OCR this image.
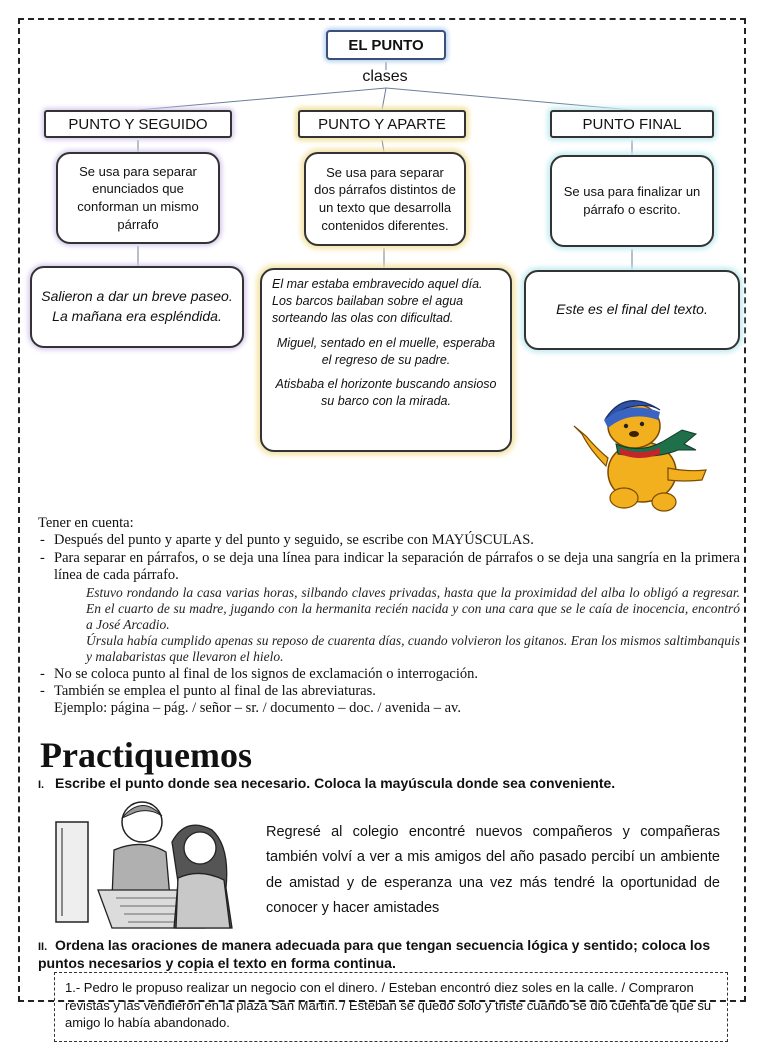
EL PUNTO
clases
PUNTO Y SEGUIDO	PUNTO Y APARTE	PUNTO FINAL
Se usa para separar enunciados que conforman un mismo párrafo
Se usa para separar dos párrafos distintos de un texto que desarrolla contenidos diferentes.
Se usa para finalizar un párrafo o escrito.
Salieron a dar un breve paseo. La mañana era espléndida.

El mar estaba embravecido aquel día. Los barcos bailaban sobre el agua sorteando las olas con dificultad.

Miguel, sentado en el muelle, esperaba el regreso de su padre.

Atisbaba el horizonte buscando ansioso su barco con la mirada.

Este es el final del texto.
Tener en cuenta:
- Después del punto y aparte y del punto y seguido, se escribe con MAYÚSCULAS.
- Para separar en párrafos, o se deja una línea para indicar la separación de párrafos o se deja una sangría en la primera línea de cada párrafo.
Estuvo rondando la casa varias horas, silbando claves privadas, hasta que la proximidad del alba lo obligó a regresar. En el cuarto de su madre, jugando con la hermanita recién nacida y con una cara que se le caía de inocencia, encontró a José Arcadio.
Úrsula había cumplido apenas su reposo de cuarenta días, cuando volvieron los gitanos. Eran los mismos saltimbanquis y malabaristas que llevaron el hielo.
- No se coloca punto al final de los signos de exclamación o interrogación.
- También se emplea el punto al final de las abreviaturas.
Ejemplo: página – pág. / señor – sr. / documento – doc. / avenida – av.
Practiquemos
I. Escribe el punto donde sea necesario. Coloca la mayúscula donde sea conveniente.
Regresé al colegio encontré nuevos compañeros y compañeras también volví a ver a mis amigos del año pasado percibí un ambiente de amistad y de esperanza una vez más tendré la oportunidad de conocer y hacer amistades
II. Ordena las oraciones de manera adecuada para que tengan secuencia lógica y sentido; coloca los puntos necesarios y copia el texto en forma continua.
1.- Pedro le propuso realizar un negocio con el dinero. / Esteban encontró diez soles en la calle. / Compraron revistas y las vendieron en la plaza San Martín. / Esteban se quedó solo y triste cuando se dio cuenta de que su amigo lo había abandonado.
